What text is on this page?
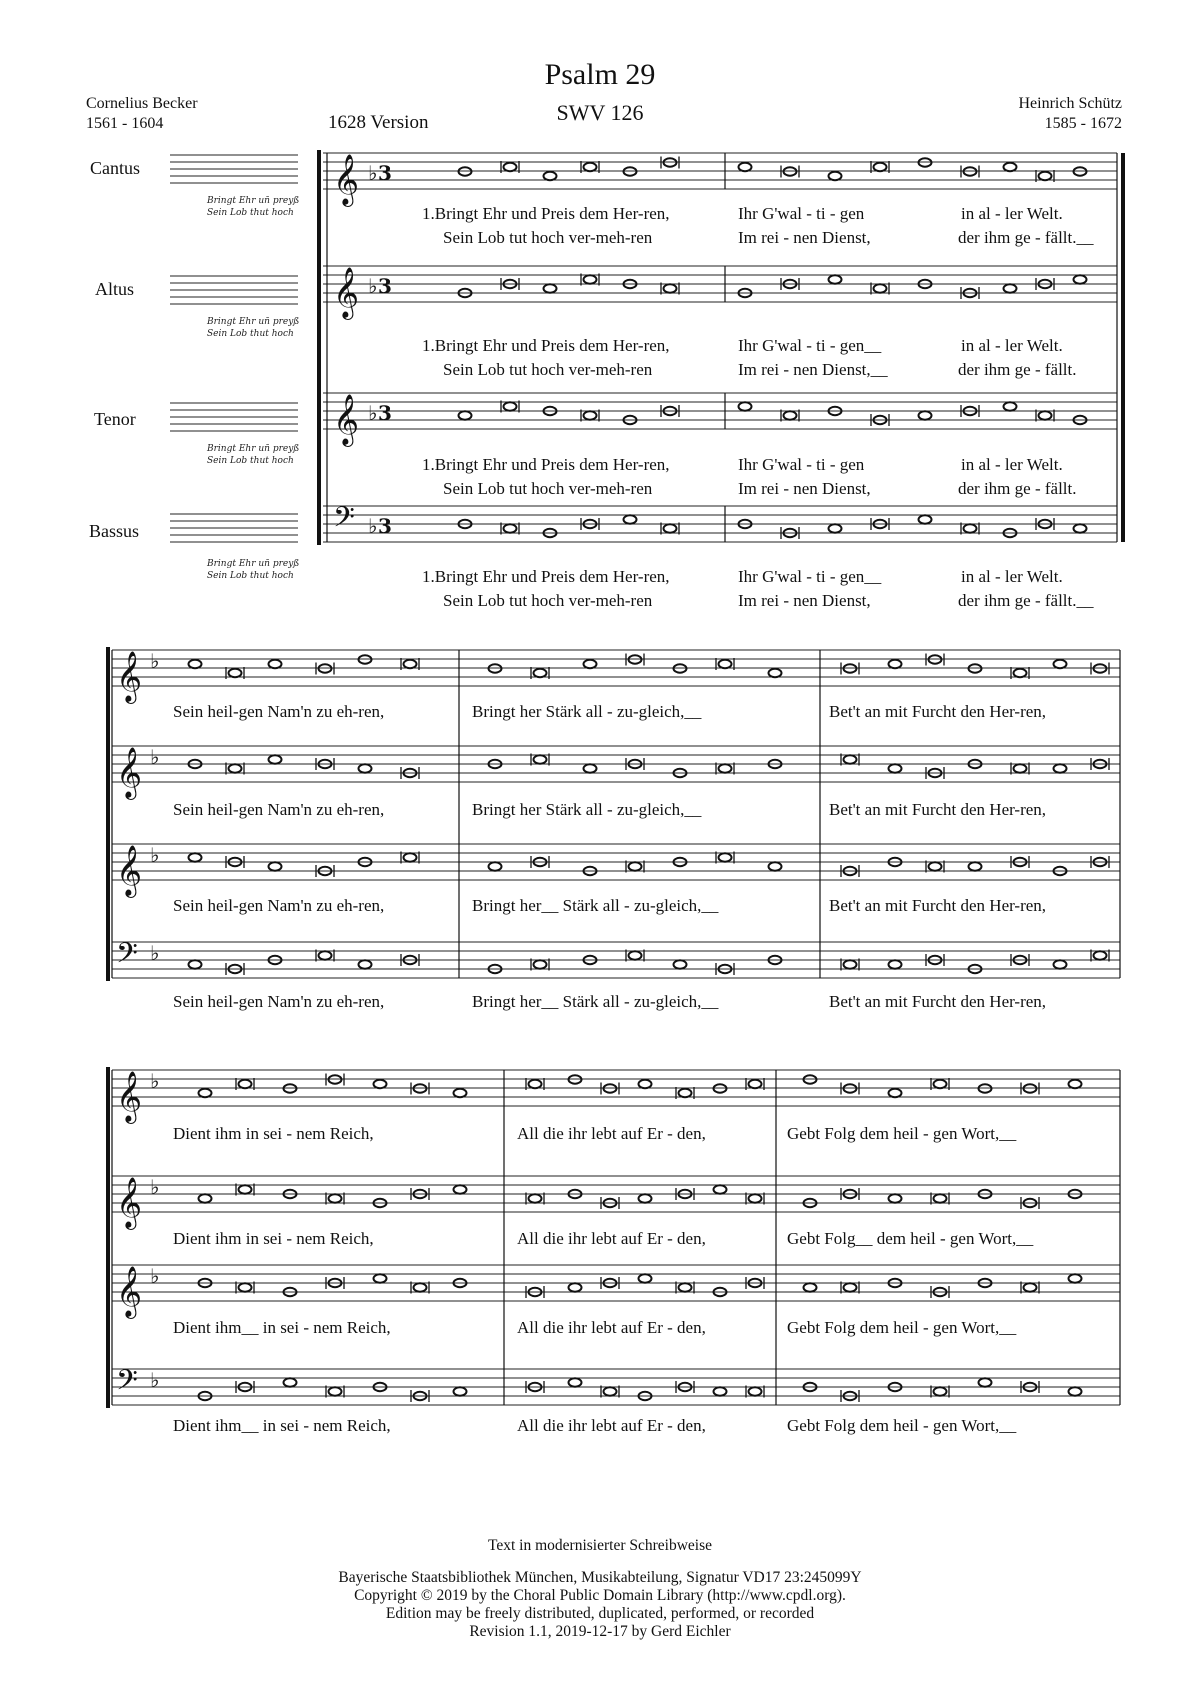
Psalm 29
SWV 126
Cornelius Becker
1561 - 1604
Heinrich Schütz
1585 - 1672
1628 Version
Cantus
Altus
Tenor
Bassus
Bringt Ehr un̄ preyß
Sein Lob thut hoch
Bringt Ehr un̄ preyß
Sein Lob thut hoch
Bringt Ehr un̄ preyß
Sein Lob thut hoch
Bringt Ehr un̄ preyß
Sein Lob thut hoch
𝄞
𝄞
𝄞
𝄢
𝄞
𝄞
𝄞
𝄢
𝄞
𝄞
𝄞
𝄢
♭ 3
♭ 3
♭ 3
♭ 3
♭
♭
♭
♭
♭
♭
♭
♭
1.Bringt Ehr und Preis dem Her-ren,	Ihr G'wal - ti - gen	in al - ler Welt.
Sein Lob tut hoch ver-meh-ren	Im rei - nen Dienst,	der ihm ge - fällt.__
1.Bringt Ehr und Preis dem Her-ren,	Ihr G'wal - ti - gen__	in al - ler Welt.
Sein Lob tut hoch ver-meh-ren	Im rei - nen Dienst,__	der ihm ge - fällt.
1.Bringt Ehr und Preis dem Her-ren,	Ihr G'wal - ti - gen	in al - ler Welt.
Sein Lob tut hoch ver-meh-ren	Im rei - nen Dienst,	der ihm ge - fällt.
1.Bringt Ehr und Preis dem Her-ren,	Ihr G'wal - ti - gen__	in al - ler Welt.
Sein Lob tut hoch ver-meh-ren	Im rei - nen Dienst,	der ihm ge - fällt.__
Sein heil-gen Nam'n zu eh-ren,	Bringt her Stärk all - zu-gleich,__	Bet't an mit Furcht den Her-ren,
Sein heil-gen Nam'n zu eh-ren,	Bringt her Stärk all - zu-gleich,__	Bet't an mit Furcht den Her-ren,
Sein heil-gen Nam'n zu eh-ren,	Bringt her__ Stärk all - zu-gleich,__	Bet't an mit Furcht den Her-ren,
Sein heil-gen Nam'n zu eh-ren,	Bringt her__ Stärk all - zu-gleich,__	Bet't an mit Furcht den Her-ren,
Dient ihm in sei - nem Reich,	All die ihr lebt auf Er - den,	Gebt Folg dem heil - gen Wort,__
Dient ihm in sei - nem Reich,	All die ihr lebt auf Er - den,	Gebt Folg__ dem heil - gen Wort,__
Dient ihm__ in sei - nem Reich,	All die ihr lebt auf Er - den,	Gebt Folg dem heil - gen Wort,__
Dient ihm__ in sei - nem Reich,	All die ihr lebt auf Er - den,	Gebt Folg dem heil - gen Wort,__
Text in modernisierter Schreibweise
Bayerische Staatsbibliothek München, Musikabteilung, Signatur VD17 23:245099Y
Copyright © 2019 by the Choral Public Domain Library (http://www.cpdl.org).
Edition may be freely distributed, duplicated, performed, or recorded
Revision 1.1, 2019-12-17 by Gerd Eichler
